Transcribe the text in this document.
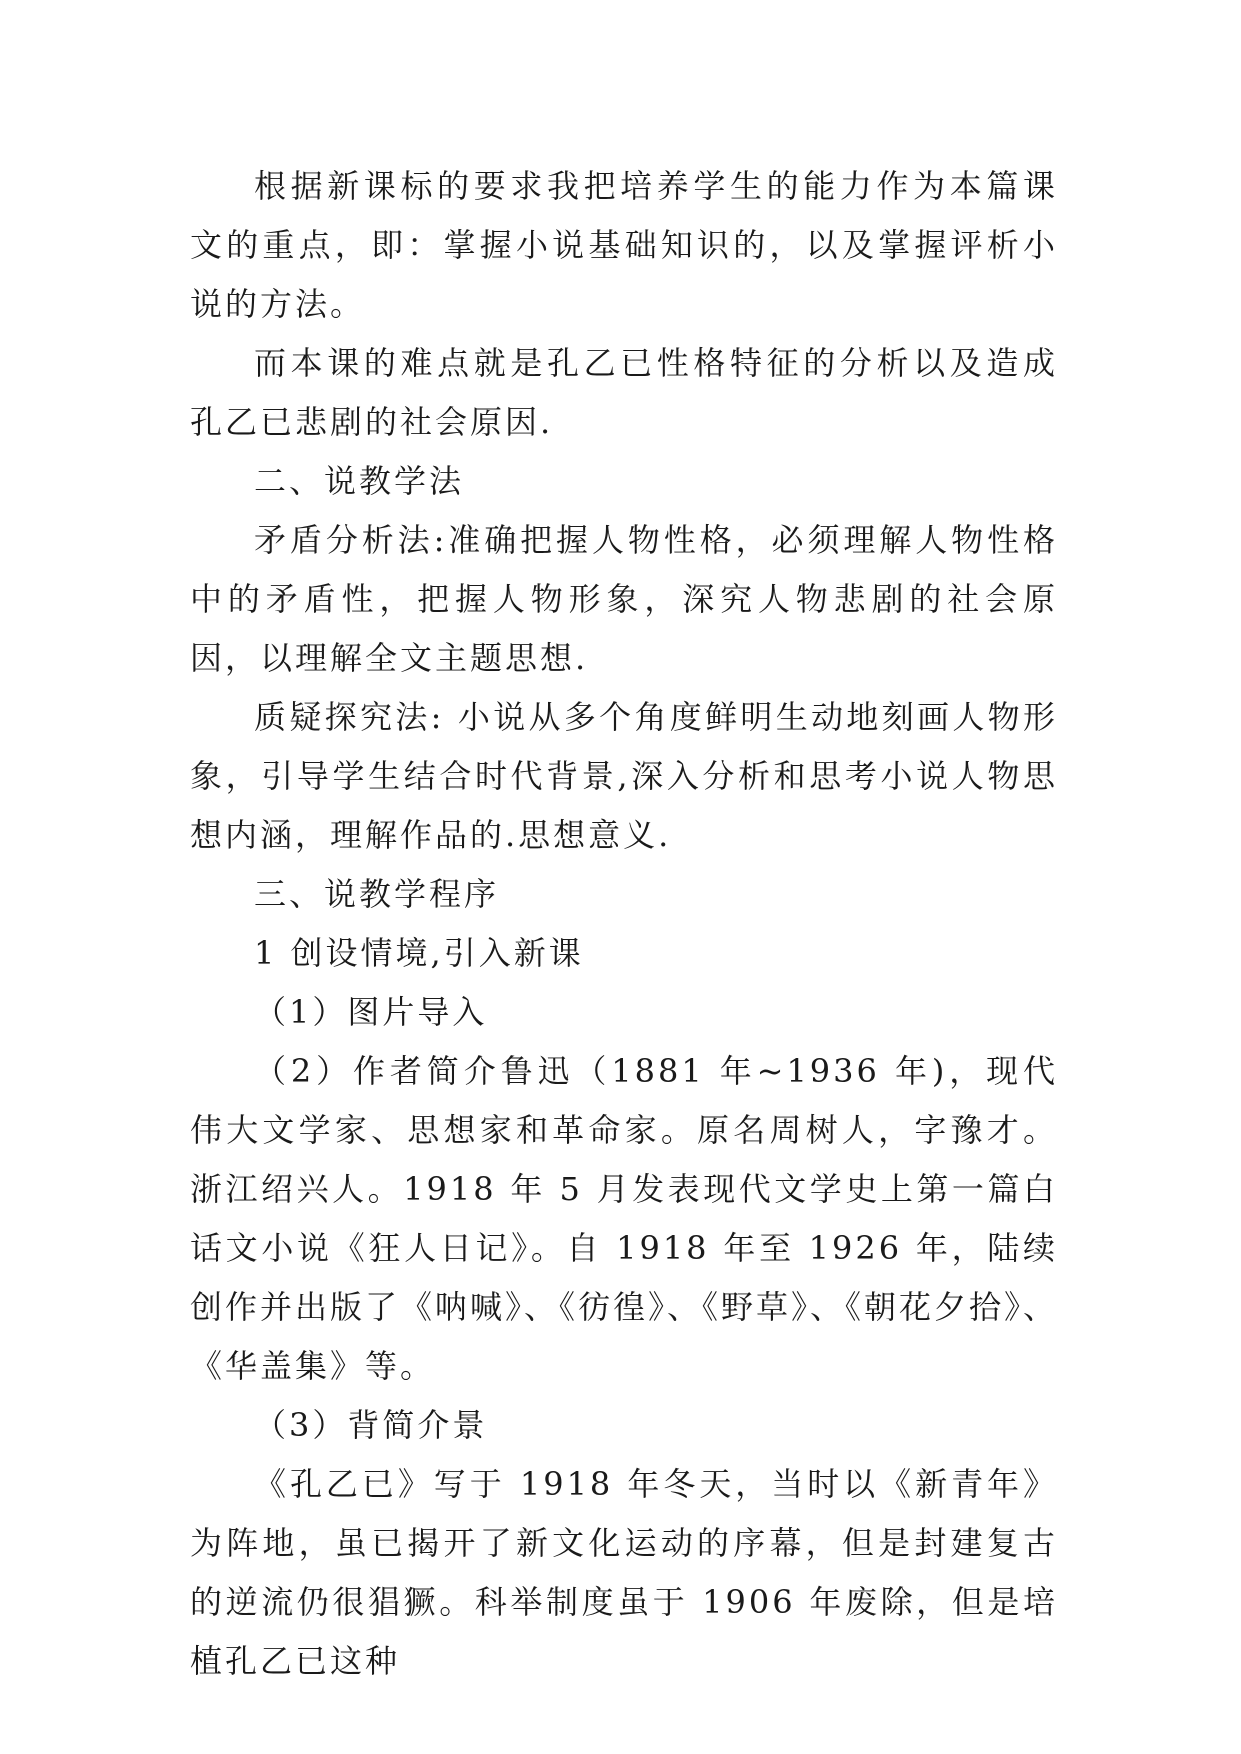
根据新课标的要求我把培养学生的能力作为本篇课文的重点，即：掌握小说基础知识的，以及掌握评析小说的方法。

而本课的难点就是孔乙已性格特征的分析以及造成孔乙已悲剧的社会原因.

二、说教学法

矛盾分析法:准确把握人物性格，必须理解人物性格中的矛盾性，把握人物形象，深究人物悲剧的社会原因，以理解全文主题思想.

质疑探究法: 小说从多个角度鲜明生动地刻画人物形象，引导学生结合时代背景,深入分析和思考小说人物思想内涵，理解作品的.思想意义.

三、说教学程序

1 创设情境,引入新课

（1）图片导入

（2）作者简介鲁迅（1881 年~1936 年)，现代伟大文学家、思想家和革命家。原名周树人，字豫才。浙江绍兴人。1918 年 5 月发表现代文学史上第一篇白话文小说《狂人日记》。自 1918 年至 1926 年，陆续创作并出版了《呐喊》、《彷徨》、《野草》、《朝花夕拾》、《华盖集》等。

（3）背简介景

《孔乙已》写于 1918 年冬天，当时以《新青年》为阵地，虽已揭开了新文化运动的序幕，但是封建复古的逆流仍很猖獗。科举制度虽于 1906 年废除，但是培植孔乙已这种
